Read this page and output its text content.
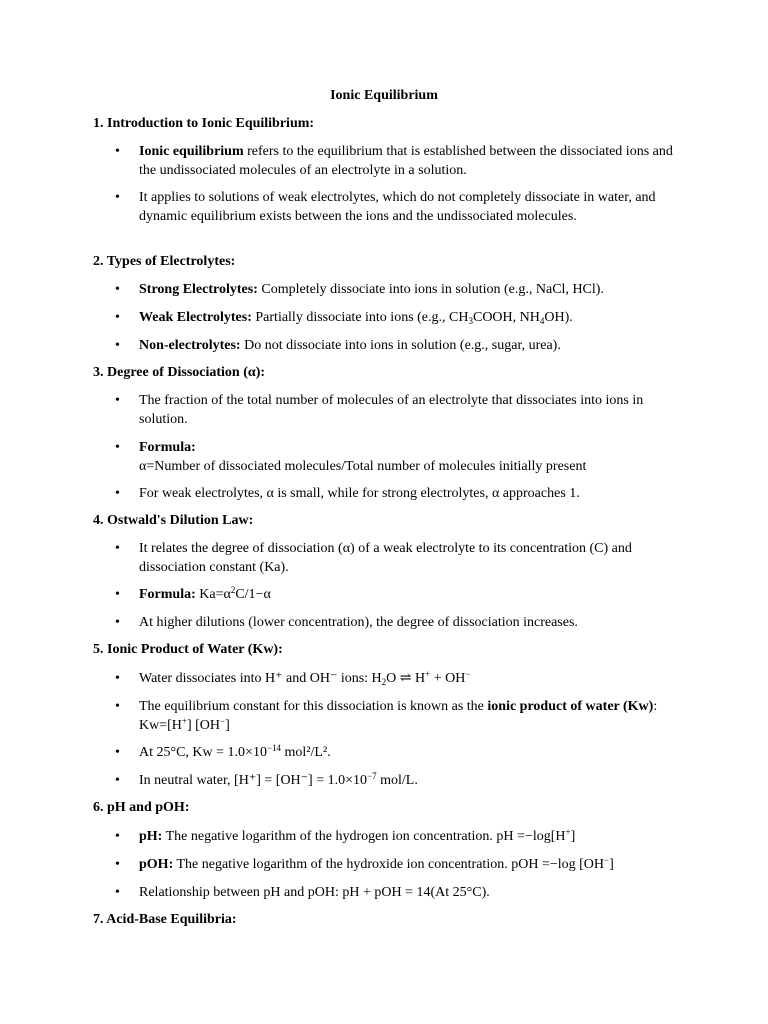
Ionic Equilibrium
1. Introduction to Ionic Equilibrium:
• Ionic equilibrium refers to the equilibrium that is established between the dissociated ions and the undissociated molecules of an electrolyte in a solution.
• It applies to solutions of weak electrolytes, which do not completely dissociate in water, and dynamic equilibrium exists between the ions and the undissociated molecules.
2. Types of Electrolytes:
• Strong Electrolytes: Completely dissociate into ions in solution (e.g., NaCl, HCl).
• Weak Electrolytes: Partially dissociate into ions (e.g., $CH_3COOH$, $NH_4OH$).
• Non-electrolytes: Do not dissociate into ions in solution (e.g., sugar, urea).
3. Degree of Dissociation (α):
• The fraction of the total number of molecules of an electrolyte that dissociates into ions in solution.
• Formula:
α=Number of dissociated molecules/Total number of molecules initially present
• For weak electrolytes, α is small, while for strong electrolytes, α approaches 1.
4. Ostwald's Dilution Law:
• It relates the degree of dissociation (α) of a weak electrolyte to its concentration (C) and dissociation constant (Ka).
• Formula: $Ka=\alpha^2C/1-\alpha$
• At higher dilutions (lower concentration), the degree of dissociation increases.
5. Ionic Product of Water (Kw):
• Water dissociates into H⁺ and OH⁻ ions: $H_2O$ ⇌ H+ + OH−
• The equilibrium constant for this dissociation is known as the ionic product of water (Kw): Kw=[H+] [OH−]
• At 25°C, $Kw = 1.0\times 10^{-14}$ mol²/L².
• In neutral water, $[H^+] = [OH^-] = 1.0\times 10^{-7}$ mol/L.
6. pH and pOH:
• pH: The negative logarithm of the hydrogen ion concentration. pH =−log[H+]
• pOH: The negative logarithm of the hydroxide ion concentration. pOH =−log [OH−]
• Relationship between pH and pOH: pH + pOH = 14(At 25°C).
7. Acid-Base Equilibria:
